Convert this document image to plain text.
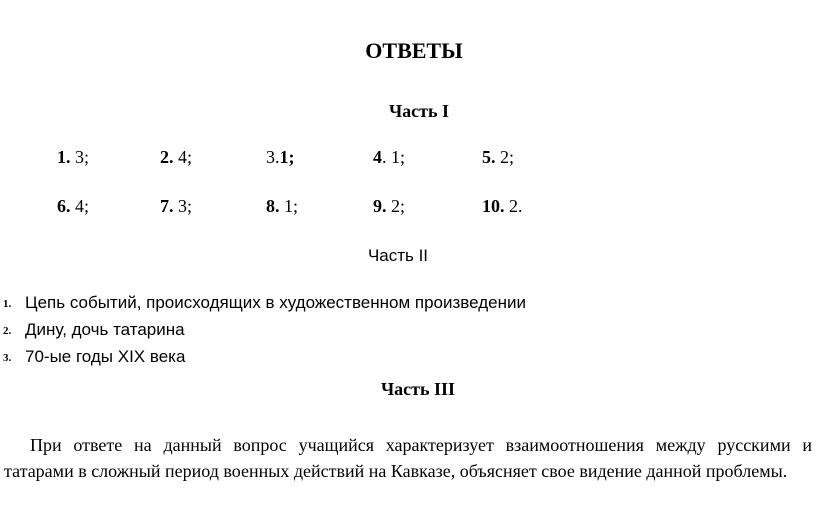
ОТВЕТЫ
Часть I
1. 3;	2. 4;	3.1;	4. 1;	5. 2;
6. 4;	7. 3;	8. 1;	9. 2;	10. 2.
Часть II
1. Цепь событий, происходящих в художественном произведении
2. Дину, дочь татарина
3. 70-ые годы XIX века
Часть III
При ответе на данный вопрос учащийся характеризует взаимоотношения между русскими и татарами в сложный период военных действий на Кавказе, объясняет свое видение данной проблемы.
